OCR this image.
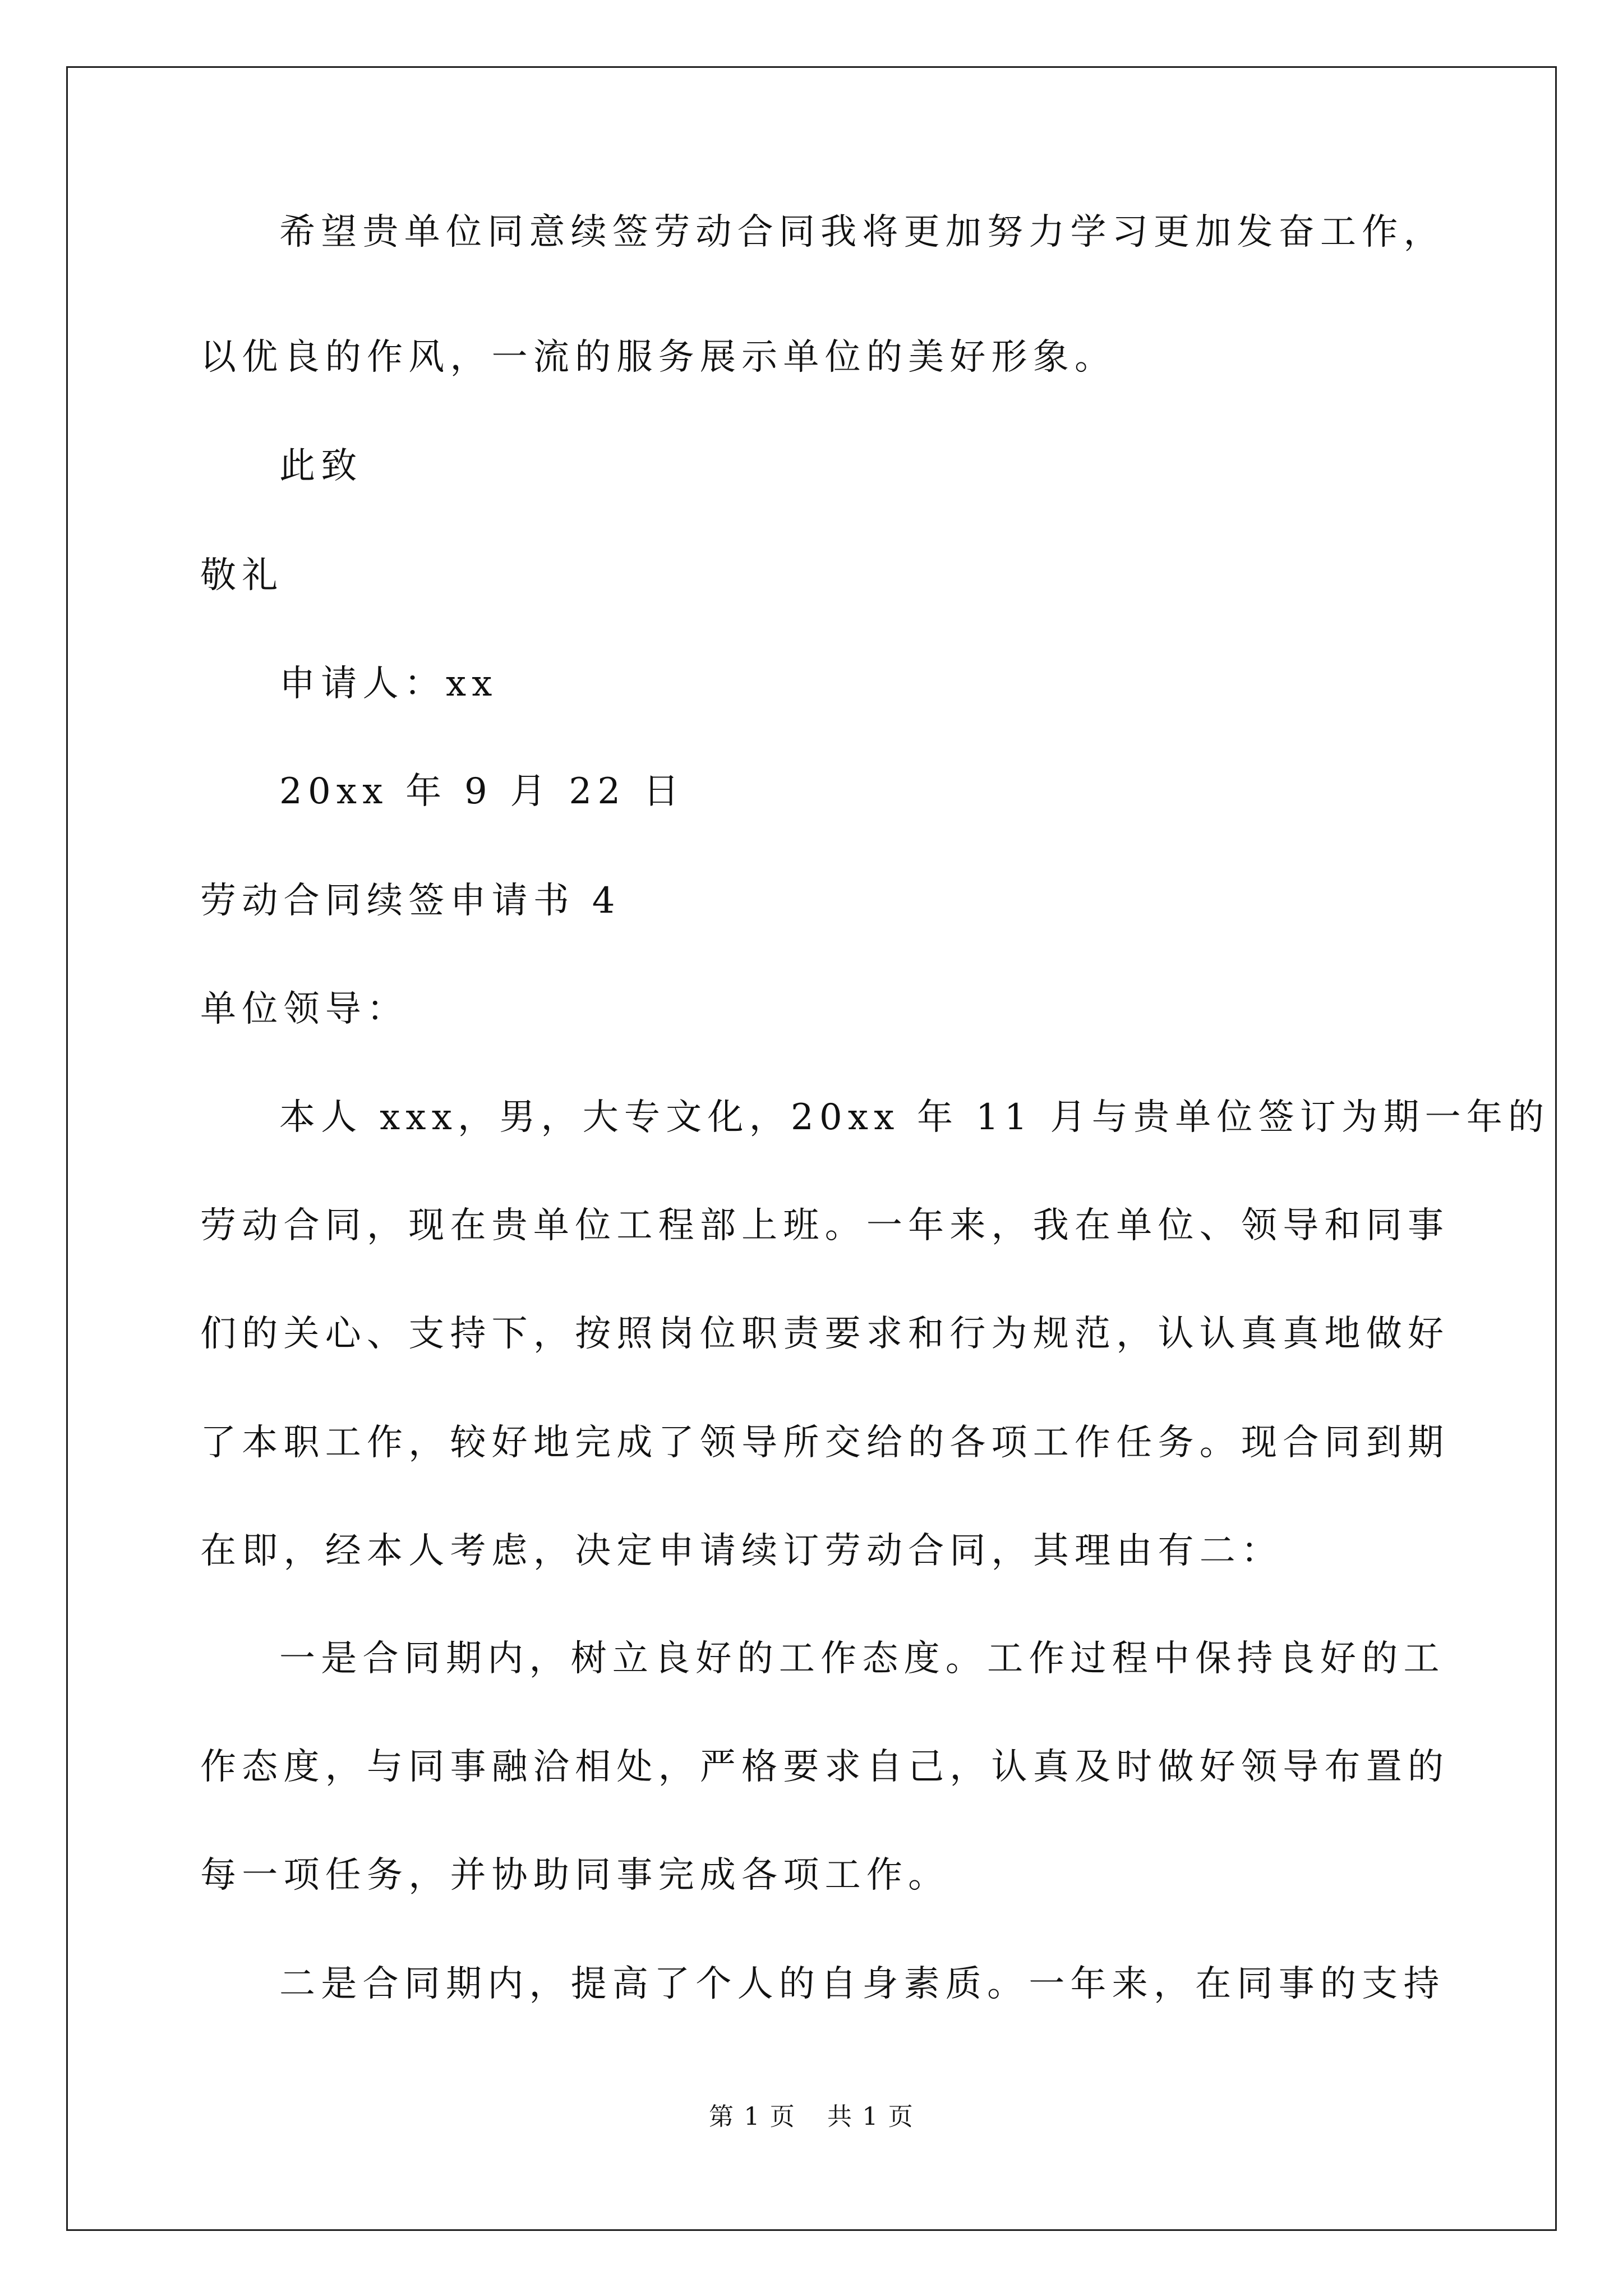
希望贵单位同意续签劳动合同我将更加努力学习更加发奋工作，
以优良的作风，一流的服务展示单位的美好形象。
此致
敬礼
申请人：xx
20xx 年 9 月 22 日
劳动合同续签申请书 4
单位领导：
本人 xxx，男，大专文化，20xx 年 11 月与贵单位签订为期一年的
劳动合同，现在贵单位工程部上班。一年来，我在单位、领导和同事
们的关心、支持下，按照岗位职责要求和行为规范，认认真真地做好
了本职工作，较好地完成了领导所交给的各项工作任务。现合同到期
在即，经本人考虑，决定申请续订劳动合同，其理由有二：
一是合同期内，树立良好的工作态度。工作过程中保持良好的工
作态度，与同事融洽相处，严格要求自己，认真及时做好领导布置的
每一项任务，并协助同事完成各项工作。
二是合同期内，提高了个人的自身素质。一年来，在同事的支持
第 1 页 共 1 页
